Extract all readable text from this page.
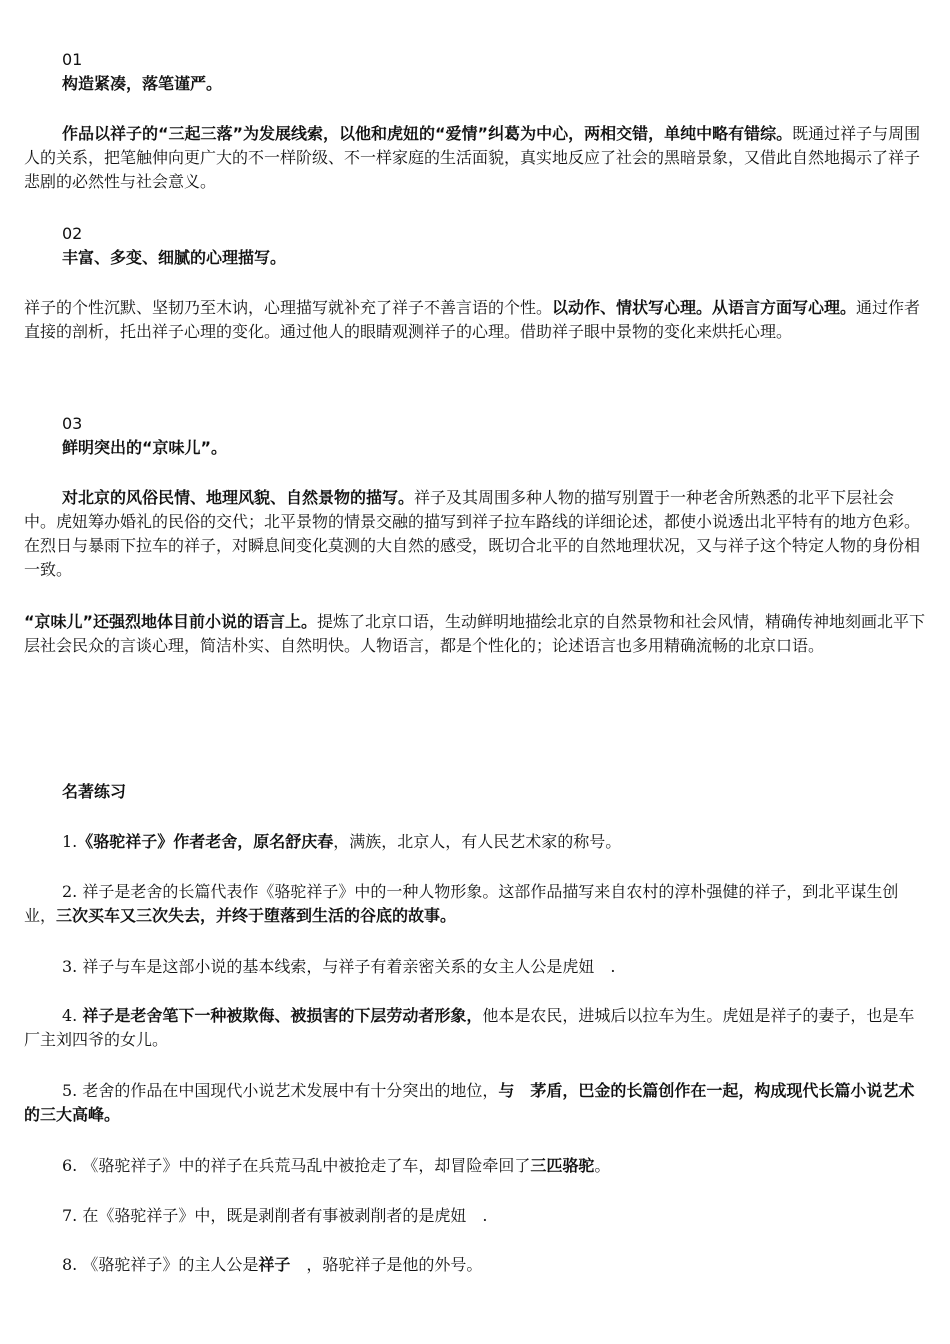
01
构造紧凑，落笔谨严。

作品以祥子的“三起三落”为发展线索，以他和虎妞的“爱情”纠葛为中心，两相交错，单纯中略有错综。既通过祥子与周围人的关系，把笔触伸向更广大的不一样阶级、不一样家庭的生活面貌，真实地反应了社会的黑暗景象，又借此自然地揭示了祥子悲剧的必然性与社会意义。

02
丰富、多变、细腻的心理描写。

祥子的个性沉默、坚韧乃至木讷，心理描写就补充了祥子不善言语的个性。以动作、情状写心理。从语言方面写心理。通过作者直接的剖析，托出祥子心理的变化。通过他人的眼睛观测祥子的心理。借助祥子眼中景物的变化来烘托心理。

03
鲜明突出的“京味儿”。

对北京的风俗民情、地理风貌、自然景物的描写。祥子及其周围多种人物的描写别置于一种老舍所熟悉的北平下层社会中。虎妞筹办婚礼的民俗的交代；北平景物的情景交融的描写到祥子拉车路线的详细论述，都使小说透出北平特有的地方色彩。在烈日与暴雨下拉车的祥子，对瞬息间变化莫测的大自然的感受，既切合北平的自然地理状况，又与祥子这个特定人物的身份相一致。

“京味儿”还强烈地体目前小说的语言上。提炼了北京口语，生动鲜明地描绘北京的自然景物和社会风情，精确传神地刻画北平下层社会民众的言谈心理，简洁朴实、自然明快。人物语言，都是个性化的；论述语言也多用精确流畅的北京口语。

名著练习

1.《骆驼祥子》作者老舍，原名舒庆春，满族，北京人，有人民艺术家的称号。

2. 祥子是老舍的长篇代表作《骆驼祥子》中的一种人物形象。这部作品描写来自农村的淳朴强健的祥子，到北平谋生创业，三次买车又三次失去，并终于堕落到生活的谷底的故事。

3. 祥子与车是这部小说的基本线索，与祥子有着亲密关系的女主人公是虎妞　.

4. 祥子是老舍笔下一种被欺侮、被损害的下层劳动者形象，他本是农民，进城后以拉车为生。虎妞是祥子的妻子，也是车厂主刘四爷的女儿。

5. 老舍的作品在中国现代小说艺术发展中有十分突出的地位，与　茅盾，巴金的长篇创作在一起，构成现代长篇小说艺术的三大高峰。

6. 《骆驼祥子》中的祥子在兵荒马乱中被抢走了车，却冒险牵回了三匹骆驼。

7. 在《骆驼祥子》中，既是剥削者有事被剥削者的是虎妞　.

8. 《骆驼祥子》的主人公是祥子　，骆驼祥子是他的外号。
